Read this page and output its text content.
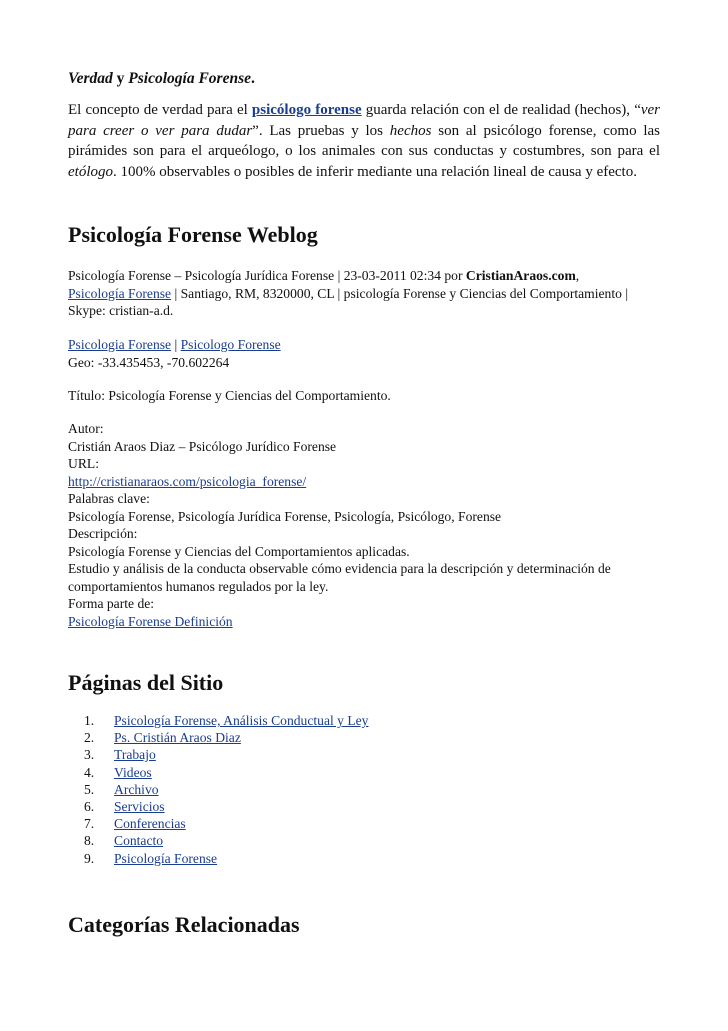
Verdad y Psicología Forense.

El concepto de verdad para el psicólogo forense guarda relación con el de realidad (hechos), “ver para creer o ver para dudar”. Las pruebas y los hechos son al psicólogo forense, como las pirámides son para el arqueólogo, o los animales con sus conductas y costumbres, son para el etólogo. 100% observables o posibles de inferir mediante una relación lineal de causa y efecto.

Psicología Forense Weblog

Psicología Forense – Psicología Jurídica Forense | 23-03-2011 02:34 por CristianAraos.com,
Psicología Forense | Santiago, RM, 8320000, CL | psicología Forense y Ciencias del Comportamiento | Skype: cristian-a.d.

Psicologia Forense | Psicologo Forense
Geo: -33.435453, -70.602264

Título: Psicología Forense y Ciencias del Comportamiento.

Autor:
Cristián Araos Diaz – Psicólogo Jurídico Forense
URL:
http://cristianaraos.com/psicologia_forense/
Palabras clave:
Psicología Forense, Psicología Jurídica Forense, Psicología, Psicólogo, Forense
Descripción:
Psicología Forense y Ciencias del Comportamientos aplicadas.
Estudio y análisis de la conducta observable cómo evidencia para la descripción y determinación de comportamientos humanos regulados por la ley.
Forma parte de:
Psicología Forense Definición

Páginas del Sitio
1.	Psicología Forense, Análisis Conductual y Ley
2.	Ps. Cristián Araos Diaz
3.	Trabajo
4.	Videos
5.	Archivo
6.	Servicios
7.	Conferencias
8.	Contacto
9.	Psicología Forense
Categorías Relacionadas
